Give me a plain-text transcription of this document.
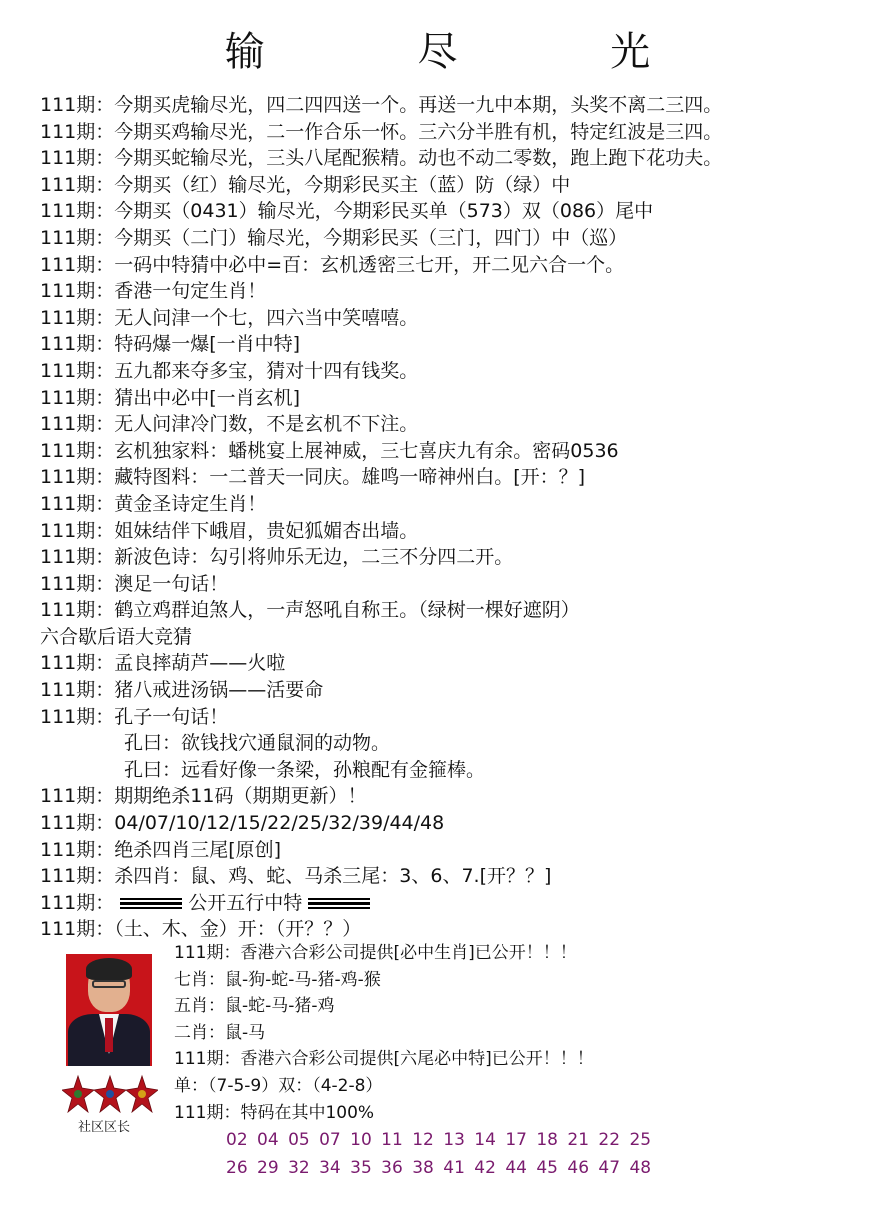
输 尽 光
111期：今期买虎输尽光，四二四四送一个。再送一九中本期，头奖不离二三四。
111期：今期买鸡输尽光，二一作合乐一怀。三六分半胜有机，特定红波是三四。
111期：今期买蛇输尽光，三头八尾配猴精。动也不动二零数，跑上跑下花功夫。
111期：今期买（红）输尽光，今期彩民买主（蓝）防（绿）中
111期：今期买（0431）输尽光，今期彩民买单（573）双（086）尾中
111期：今期买（二门）输尽光，今期彩民买（三门，四门）中（巡）
111期：一码中特猜中必中=百：玄机透密三七开，开二见六合一个。
111期：香港一句定生肖！
111期：无人问津一个七，四六当中笑嘻嘻。
111期：特码爆一爆[一肖中特]
111期：五九都来夺多宝，猜对十四有钱奖。
111期：猜出中必中[一肖玄机]
111期：无人问津冷门数，不是玄机不下注。
111期：玄机独家料：蟠桃宴上展神威，三七喜庆九有余。密码0536
111期：藏特图料：一二普天一同庆。雄鸣一啼神州白。[开：？]
111期：黄金圣诗定生肖！
111期：姐妹结伴下峨眉，贵妃狐媚杏出墙。
111期：新波色诗：勾引将帅乐无边，二三不分四二开。
111期：澳足一句话！
111期：鹤立鸡群迫煞人，一声怒吼自称王。（绿树一棵好遮阴）
六合歇后语大竞猜
111期：孟良摔葫芦——火啦
111期：猪八戒进汤锅——活要命
111期：孔子一句话！
孔曰：欲钱找穴通鼠洞的动物。
孔曰：远看好像一条梁，孙粮配有金箍棒。
111期：期期绝杀11码（期期更新）！
111期：04/07/10/12/15/22/25/32/39/44/48
111期：绝杀四肖三尾[原创]
111期：杀四肖：鼠、鸡、蛇、马杀三尾：3、6、7.[开？？]
111期：	公开五行中特
111期：（土、木、金）开：（开？？）
社区区长
111期：香港六合彩公司提供[必中生肖]已公开！！！
七肖：鼠-狗-蛇-马-猪-鸡-猴
五肖：鼠-蛇-马-猪-鸡
二肖：鼠-马
111期：香港六合彩公司提供[六尾必中特]已公开！！！
单：（7-5-9）双：（4-2-8）
111期：特码在其中100%
02 04 05 07 10 11 12 13 14 17 18 21 22 25
26 29 32 34 35 36 38 41 42 44 45 46 47 48
